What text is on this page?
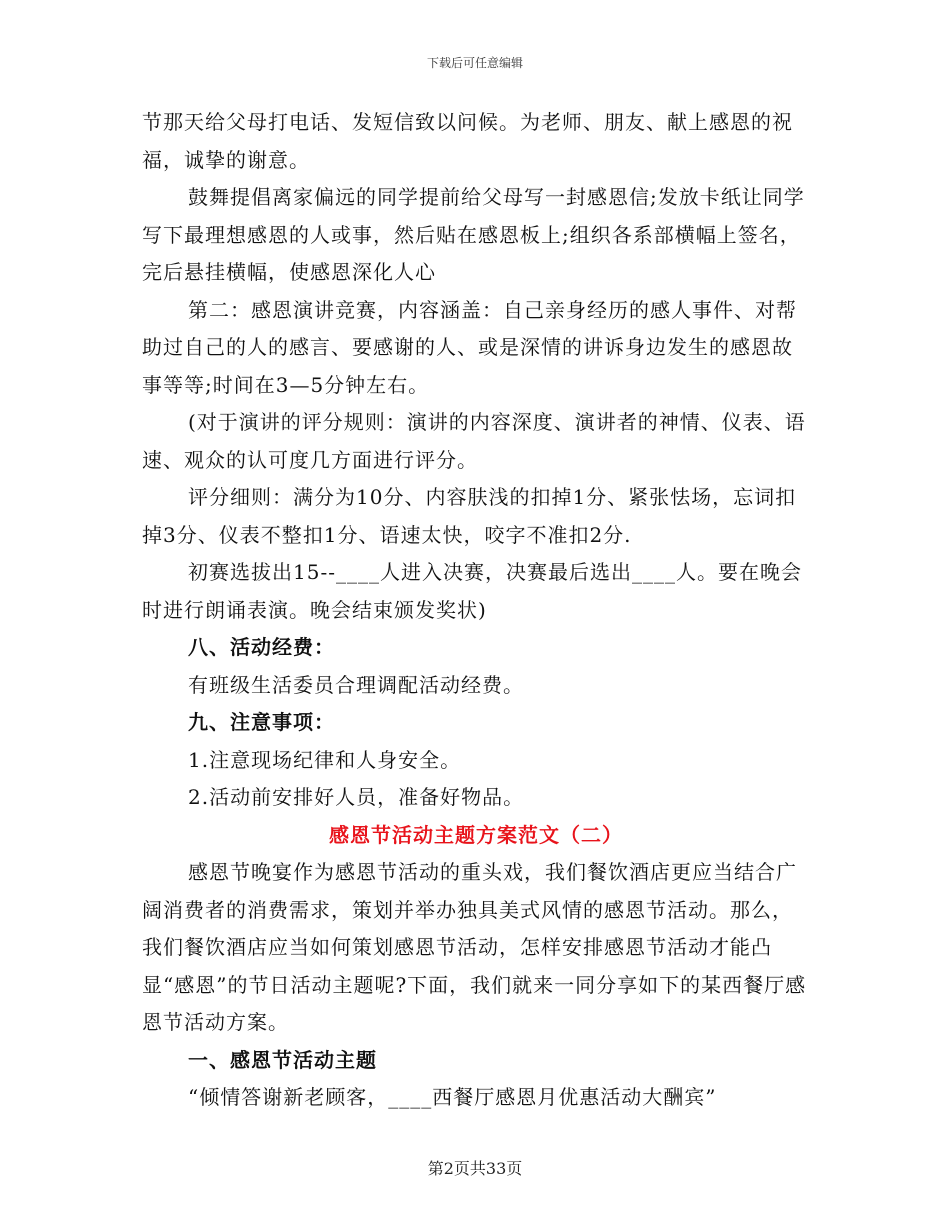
下载后可任意编辑

节那天给父母打电话、发短信致以问候。为老师、朋友、献上感恩的祝福，诚挚的谢意。

鼓舞提倡离家偏远的同学提前给父母写一封感恩信;发放卡纸让同学写下最理想感恩的人或事，然后贴在感恩板上;组织各系部横幅上签名，完后悬挂横幅，使感恩深化人心

第二：感恩演讲竞赛，内容涵盖：自己亲身经历的感人事件、对帮助过自己的人的感言、要感谢的人、或是深情的讲诉身边发生的感恩故事等等;时间在3—5分钟左右。

(对于演讲的评分规则：演讲的内容深度、演讲者的神情、仪表、语速、观众的认可度几方面进行评分。

评分细则：满分为10分、内容肤浅的扣掉1分、紧张怯场，忘词扣掉3分、仪表不整扣1分、语速太快，咬字不准扣2分.

初赛选拔出15--____人进入决赛，决赛最后选出____人。要在晚会时进行朗诵表演。晚会结束颁发奖状)

八、活动经费：

有班级生活委员合理调配活动经费。

九、注意事项：

1.注意现场纪律和人身安全。

2.活动前安排好人员，准备好物品。

感恩节活动主题方案范文（二）

感恩节晚宴作为感恩节活动的重头戏，我们餐饮酒店更应当结合广阔消费者的消费需求，策划并举办独具美式风情的感恩节活动。那么，我们餐饮酒店应当如何策划感恩节活动，怎样安排感恩节活动才能凸显“感恩”的节日活动主题呢?下面，我们就来一同分享如下的某西餐厅感恩节活动方案。

一、感恩节活动主题

“倾情答谢新老顾客，____西餐厅感恩月优惠活动大酬宾”

第2页共33页
